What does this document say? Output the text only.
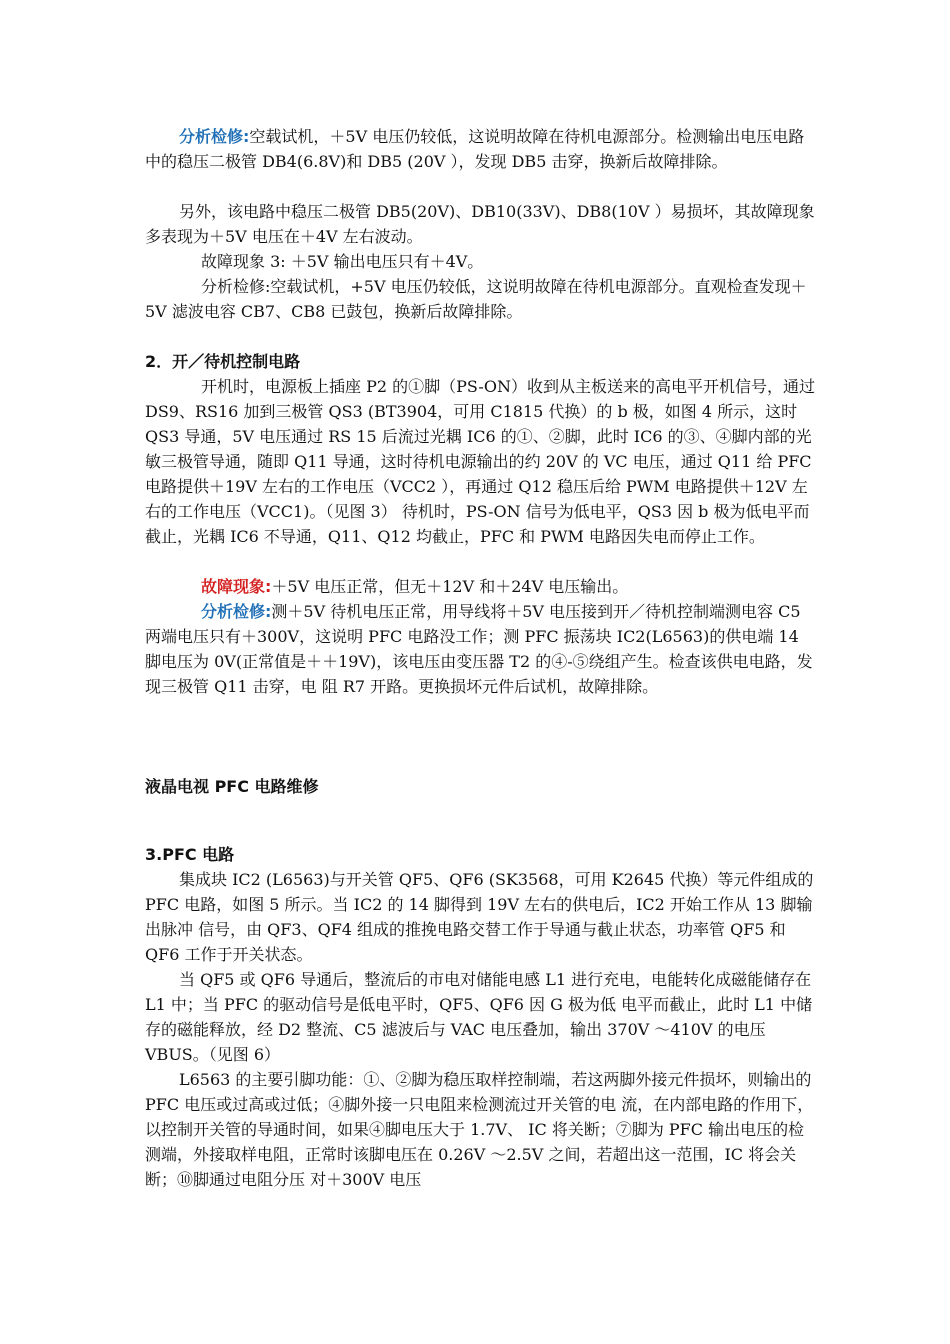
分析检修:空载试机，＋5V 电压仍较低，这说明故障在待机电源部分。检测输出电压电路中的稳压二极管 DB4(6.8V)和 DB5 (20V ），发现 DB5 击穿，换新后故障排除。

另外，该电路中稳压二极管 DB5(20V)、DB10(33V)、DB8(10V ）易损坏，其故障现象多表现为＋5V 电压在＋4V 左右波动。

故障现象 3: ＋5V 输出电压只有＋4V。

分析检修:空载试机，+5V 电压仍较低，这说明故障在待机电源部分。直观检查发现＋5V 滤波电容 CB7、CB8 已鼓包，换新后故障排除。

2．开／待机控制电路

开机时，电源板上插座 P2 的①脚（PS-ON）收到从主板送来的高电平开机信号，通过 DS9、RS16 加到三极管 QS3 (BT3904，可用 C1815 代换）的 b 极，如图 4 所示，这时 QS3 导通，5V 电压通过 RS 15 后流过光耦 IC6 的①、②脚，此时 IC6 的③、④脚内部的光敏三极管导通，随即 Q11 导通，这时待机电源输出的约 20V 的 VC 电压，通过 Q11 给 PFC 电路提供＋19V 左右的工作电压（VCC2 ），再通过 Q12 稳压后给 PWM 电路提供＋12V 左右的工作电压（VCC1)。（见图 3） 待机时，PS-ON 信号为低电平，QS3 因 b 极为低电平而截止，光耦 IC6 不导通，Q11、Q12 均截止，PFC 和 PWM 电路因失电而停止工作。

故障现象:＋5V 电压正常，但无＋12V 和＋24V 电压输出。

分析检修:测＋5V 待机电压正常，用导线将＋5V 电压接到开／待机控制端测电容 C5 两端电压只有＋300V，这说明 PFC 电路没工作；测 PFC 振荡块 IC2(L6563)的供电端 14 脚电压为 0V(正常值是＋＋19V)，该电压由变压器 T2 的④-⑤绕组产生。检查该供电电路，发现三极管 Q11 击穿，电 阻 R7 开路。更换损坏元件后试机，故障排除。

液晶电视 PFC 电路维修

3.PFC 电路

集成块 IC2 (L6563)与开关管 QF5、QF6 (SK3568，可用 K2645 代换）等元件组成的 PFC 电路，如图 5 所示。当 IC2 的 14 脚得到 19V 左右的供电后，IC2 开始工作从 13 脚输出脉冲 信号，由 QF3、QF4 组成的推挽电路交替工作于导通与截止状态，功率管 QF5 和 QF6 工作于开关状态。

当 QF5 或 QF6 导通后，整流后的市电对储能电感 L1 进行充电，电能转化成磁能储存在 L1 中；当 PFC 的驱动信号是低电平时，QF5、QF6 因 G 极为低 电平而截止，此时 L1 中储存的磁能释放，经 D2 整流、C5 滤波后与 VAC 电压叠加，输出 370V ～410V 的电压 VBUS。（见图 6）

L6563 的主要引脚功能：①、②脚为稳压取样控制端，若这两脚外接元件损坏，则输出的 PFC 电压或过高或过低；④脚外接一只电阻来检测流过开关管的电 流，在内部电路的作用下，以控制开关管的导通时间，如果④脚电压大于 1.7V、 IC 将关断；⑦脚为 PFC 输出电压的检测端，外接取样电阻，正常时该脚电压在 0.26V ～2.5V 之间，若超出这一范围，IC 将会关断；⑩脚通过电阻分压 对＋300V 电压
